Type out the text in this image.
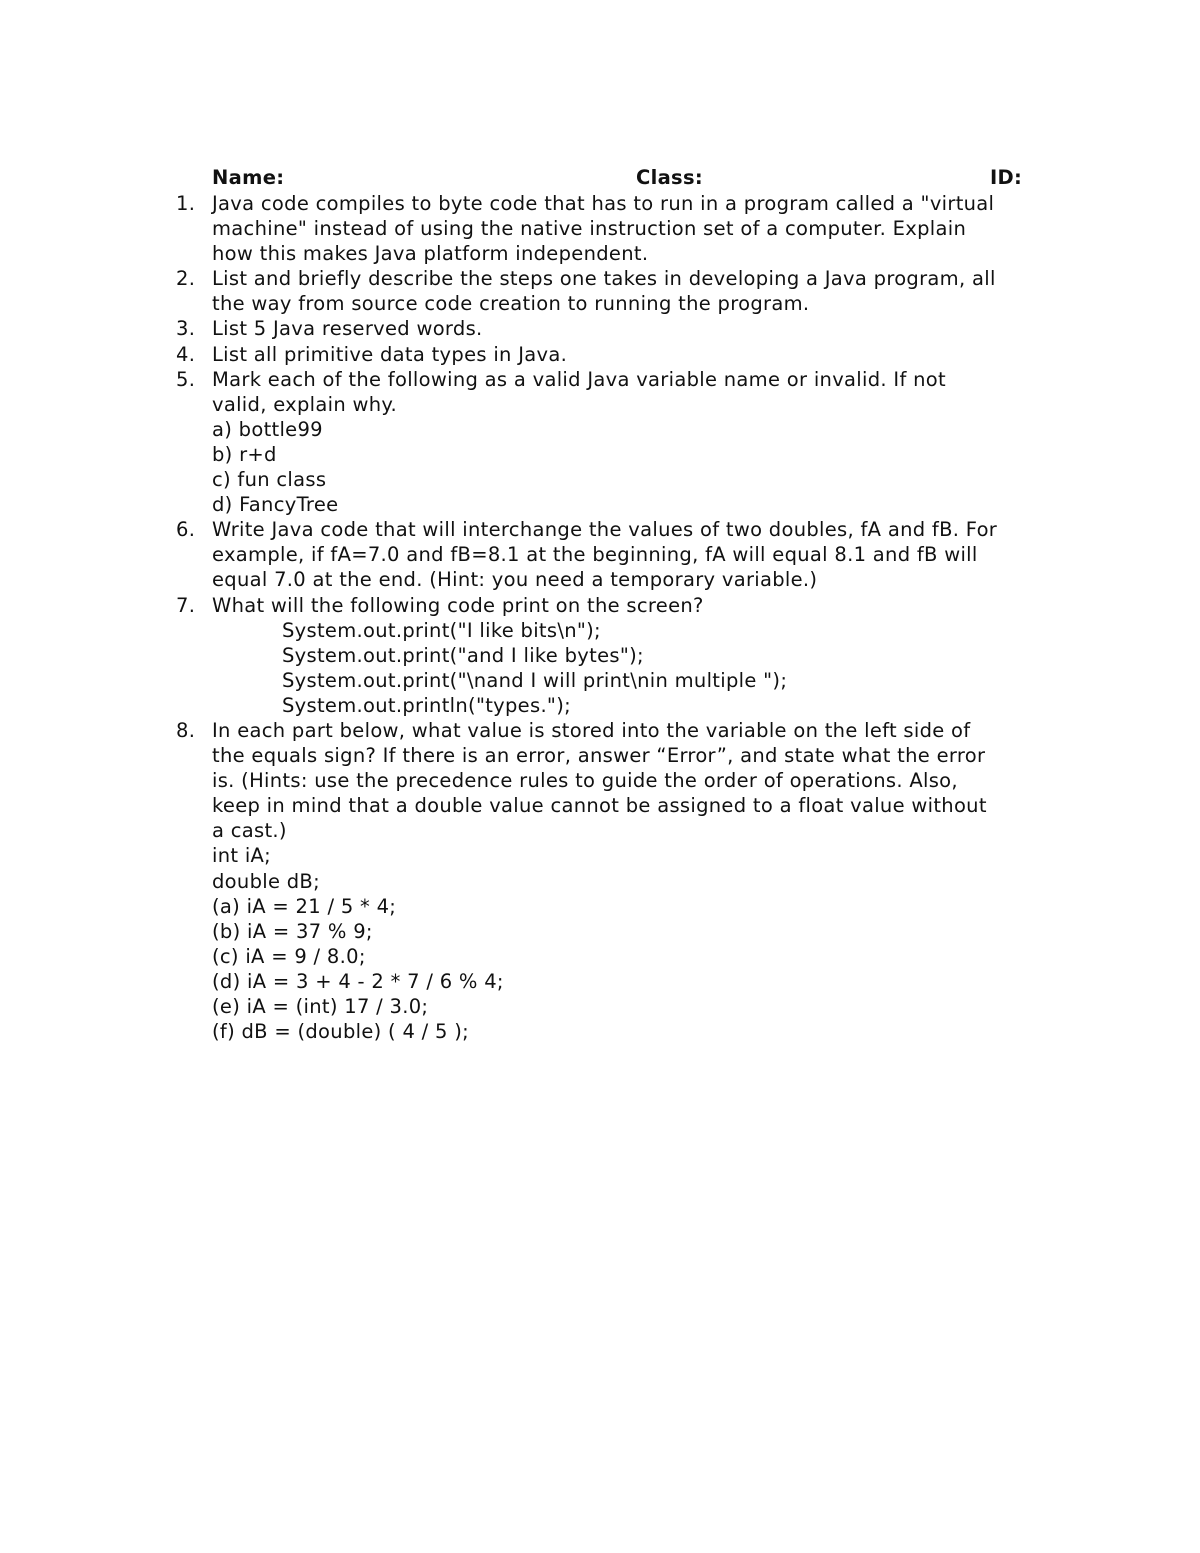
Name:	Class:	ID:
1. Java code compiles to byte code that has to run in a program called a "virtual
machine" instead of using the native instruction set of a computer. Explain
how this makes Java platform independent.
2. List and briefly describe the steps one takes in developing a Java program, all
the way from source code creation to running the program.
3. List 5 Java reserved words.
4. List all primitive data types in Java.
5. Mark each of the following as a valid Java variable name or invalid. If not
valid, explain why.
a) bottle99
b) r+d
c) fun class
d) FancyTree
6. Write Java code that will interchange the values of two doubles, fA and fB. For
example, if fA=7.0 and fB=8.1 at the beginning, fA will equal 8.1 and fB will
equal 7.0 at the end. (Hint: you need a temporary variable.)
7. What will the following code print on the screen?
System.out.print("I like bits\n");
System.out.print("and I like bytes");
System.out.print("\nand I will print\nin multiple ");
System.out.println("types.");
8. In each part below, what value is stored into the variable on the left side of
the equals sign? If there is an error, answer “Error”, and state what the error
is. (Hints: use the precedence rules to guide the order of operations. Also,
keep in mind that a double value cannot be assigned to a float value without
a cast.)
int iA;
double dB;
(a) iA = 21 / 5 * 4;
(b) iA = 37 % 9;
(c) iA = 9 / 8.0;
(d) iA = 3 + 4 - 2 * 7 / 6 % 4;
(e) iA = (int) 17 / 3.0;
(f) dB = (double) ( 4 / 5 );
